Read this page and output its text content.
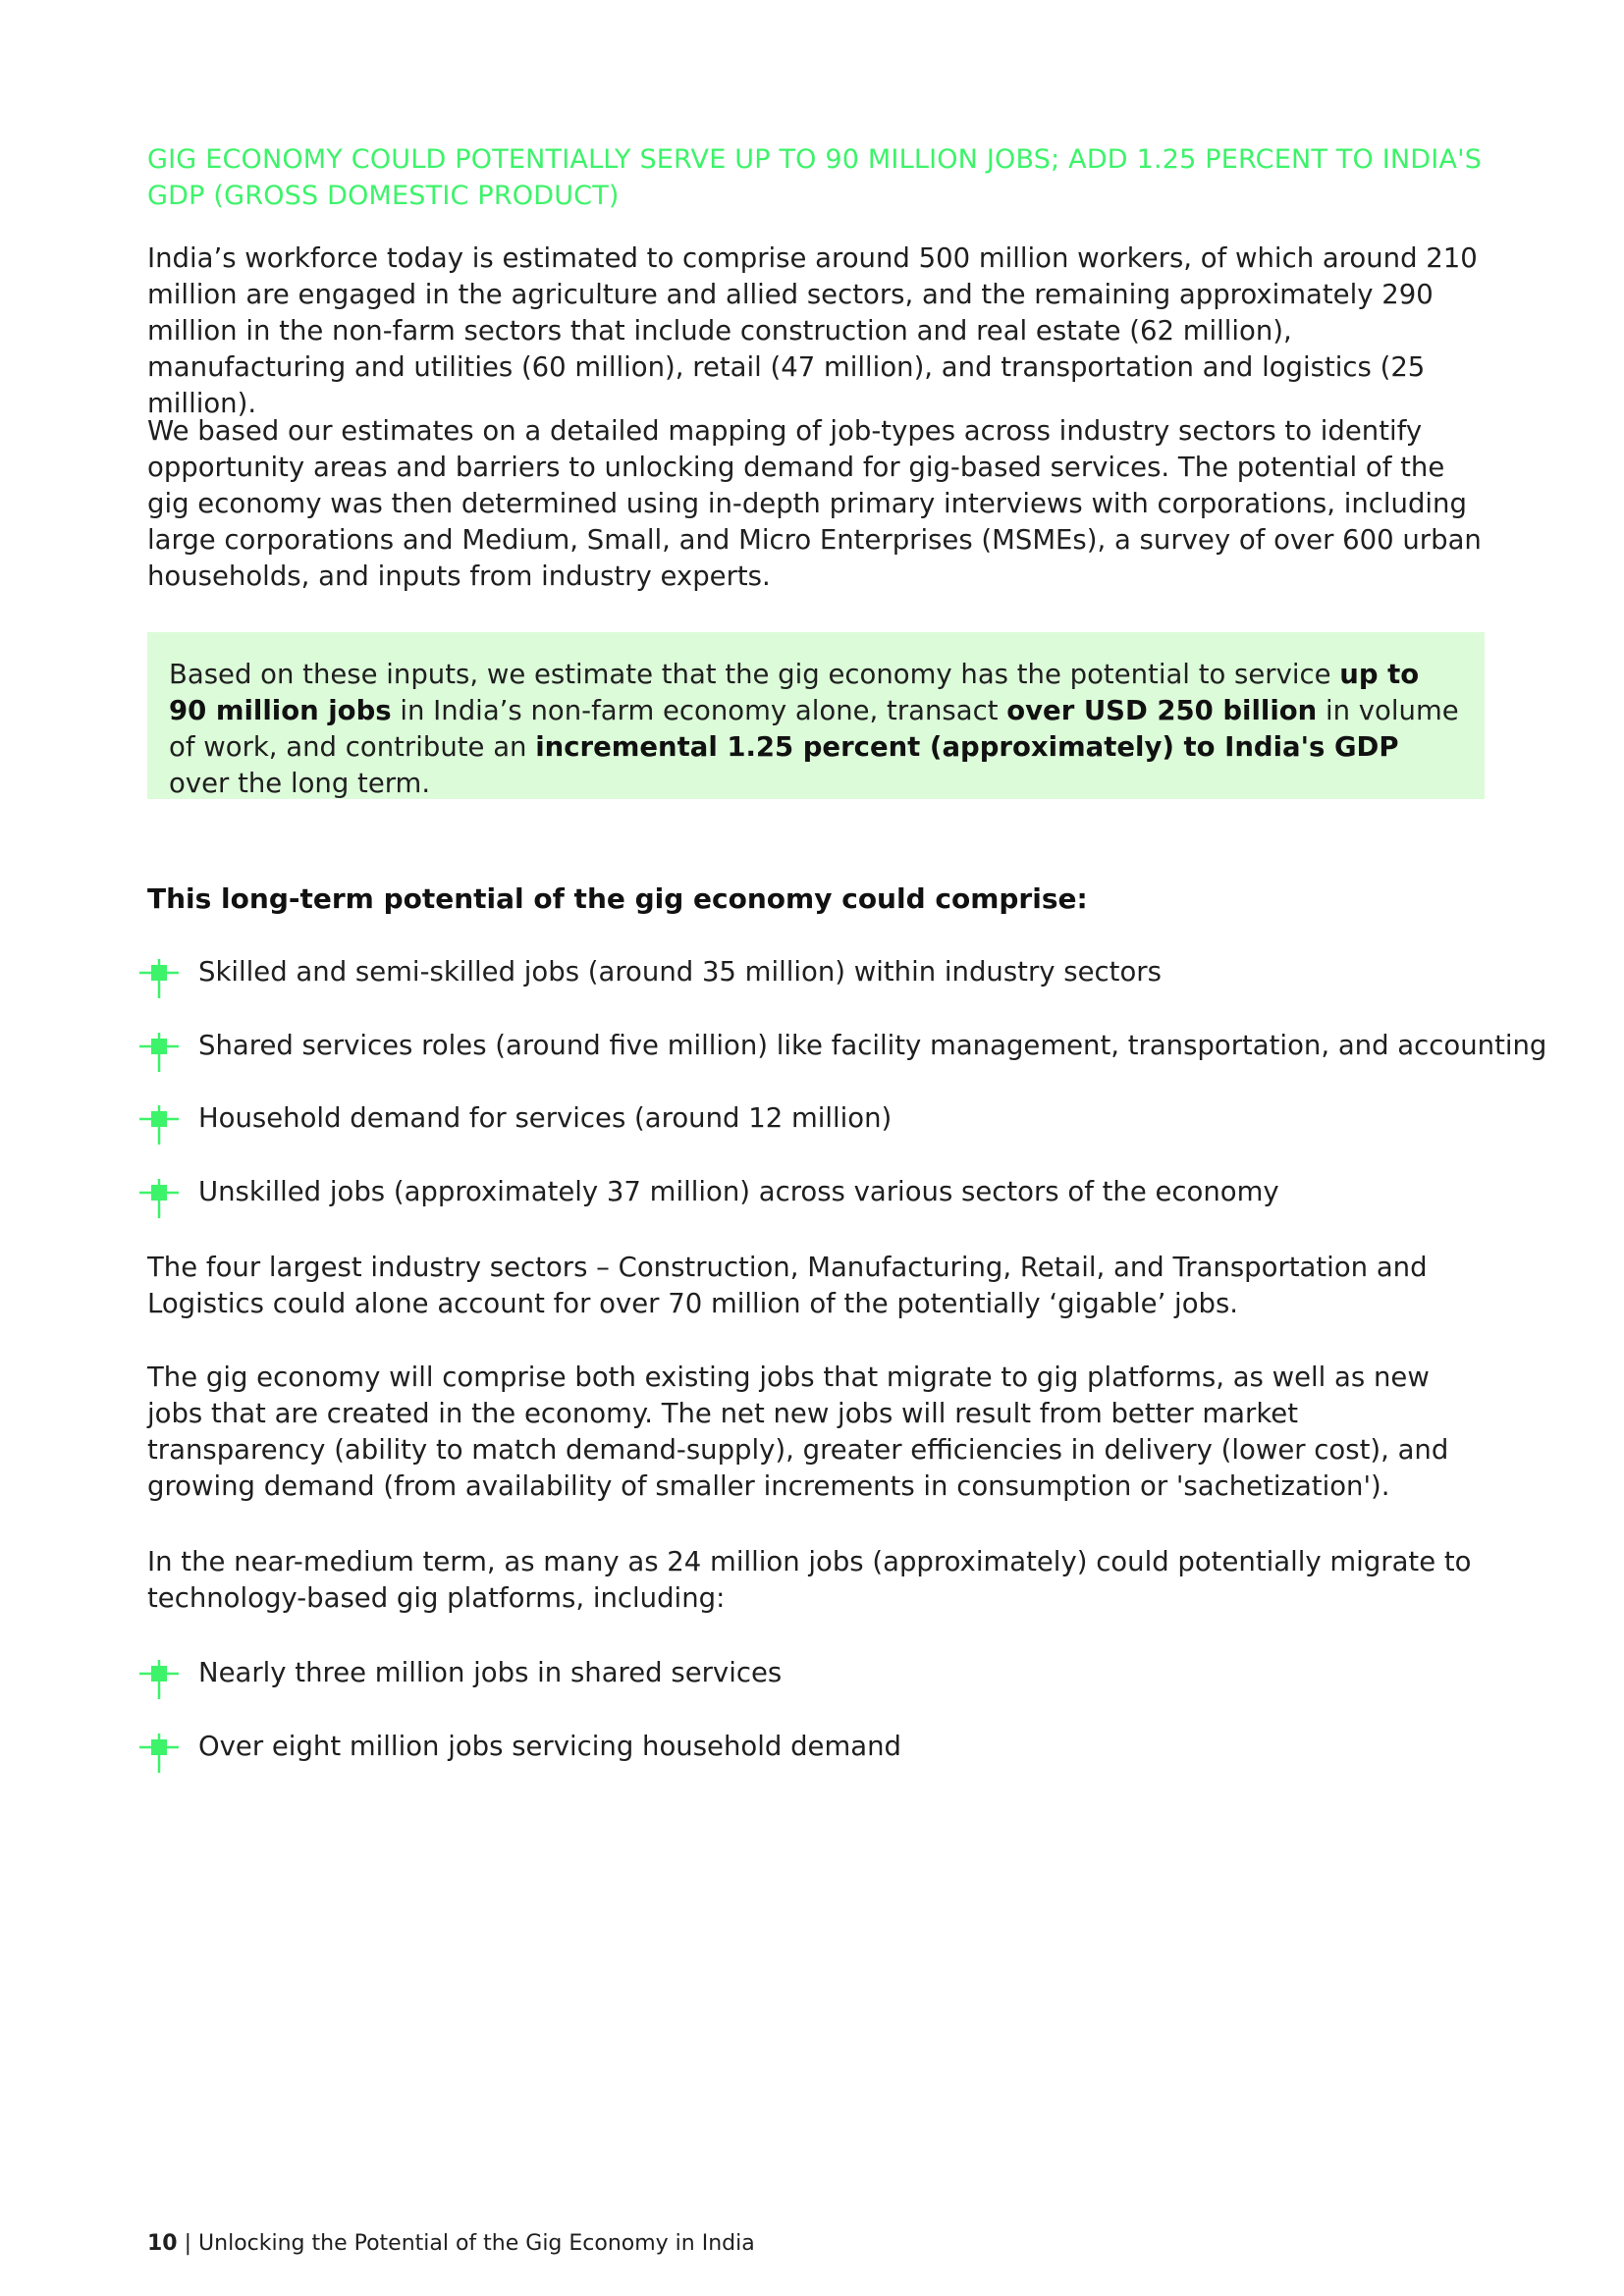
GIG ECONOMY COULD POTENTIALLY SERVE UP TO 90 MILLION JOBS; ADD 1.25 PERCENT TO INDIA'S GDP (GROSS DOMESTIC PRODUCT)

India’s workforce today is estimated to comprise around 500 million workers, of which around 210 million are engaged in the agriculture and allied sectors, and the remaining approximately 290 million in the non-farm sectors that include construction and real estate (62 million), manufacturing and utilities (60 million), retail (47 million), and transportation and logistics (25 million).

We based our estimates on a detailed mapping of job-types across industry sectors to identify opportunity areas and barriers to unlocking demand for gig-based services. The potential of the gig economy was then determined using in-depth primary interviews with corporations, including large corporations and Medium, Small, and Micro Enterprises (MSMEs), a survey of over 600 urban households, and inputs from industry experts.

Based on these inputs, we estimate that the gig economy has the potential to service up to 90 million jobs in India’s non-farm economy alone, transact over USD 250 billion in volume of work, and contribute an incremental 1.25 percent (approximately) to India's GDP over the long term.

This long-term potential of the gig economy could comprise:
Skilled and semi-skilled jobs (around 35 million) within industry sectors
Shared services roles (around five million) like facility management, transportation, and accounting
Household demand for services (around 12 million)
Unskilled jobs (approximately 37 million) across various sectors of the economy

The four largest industry sectors – Construction, Manufacturing, Retail, and Transportation and Logistics could alone account for over 70 million of the potentially ‘gigable’ jobs.

The gig economy will comprise both existing jobs that migrate to gig platforms, as well as new jobs that are created in the economy. The net new jobs will result from better market transparency (ability to match demand-supply), greater efficiencies in delivery (lower cost), and growing demand (from availability of smaller increments in consumption or 'sachetization').

In the near-medium term, as many as 24 million jobs (approximately) could potentially migrate to technology-based gig platforms, including:

Nearly three million jobs in shared services
Over eight million jobs servicing household demand
10 | Unlocking the Potential of the Gig Economy in India
